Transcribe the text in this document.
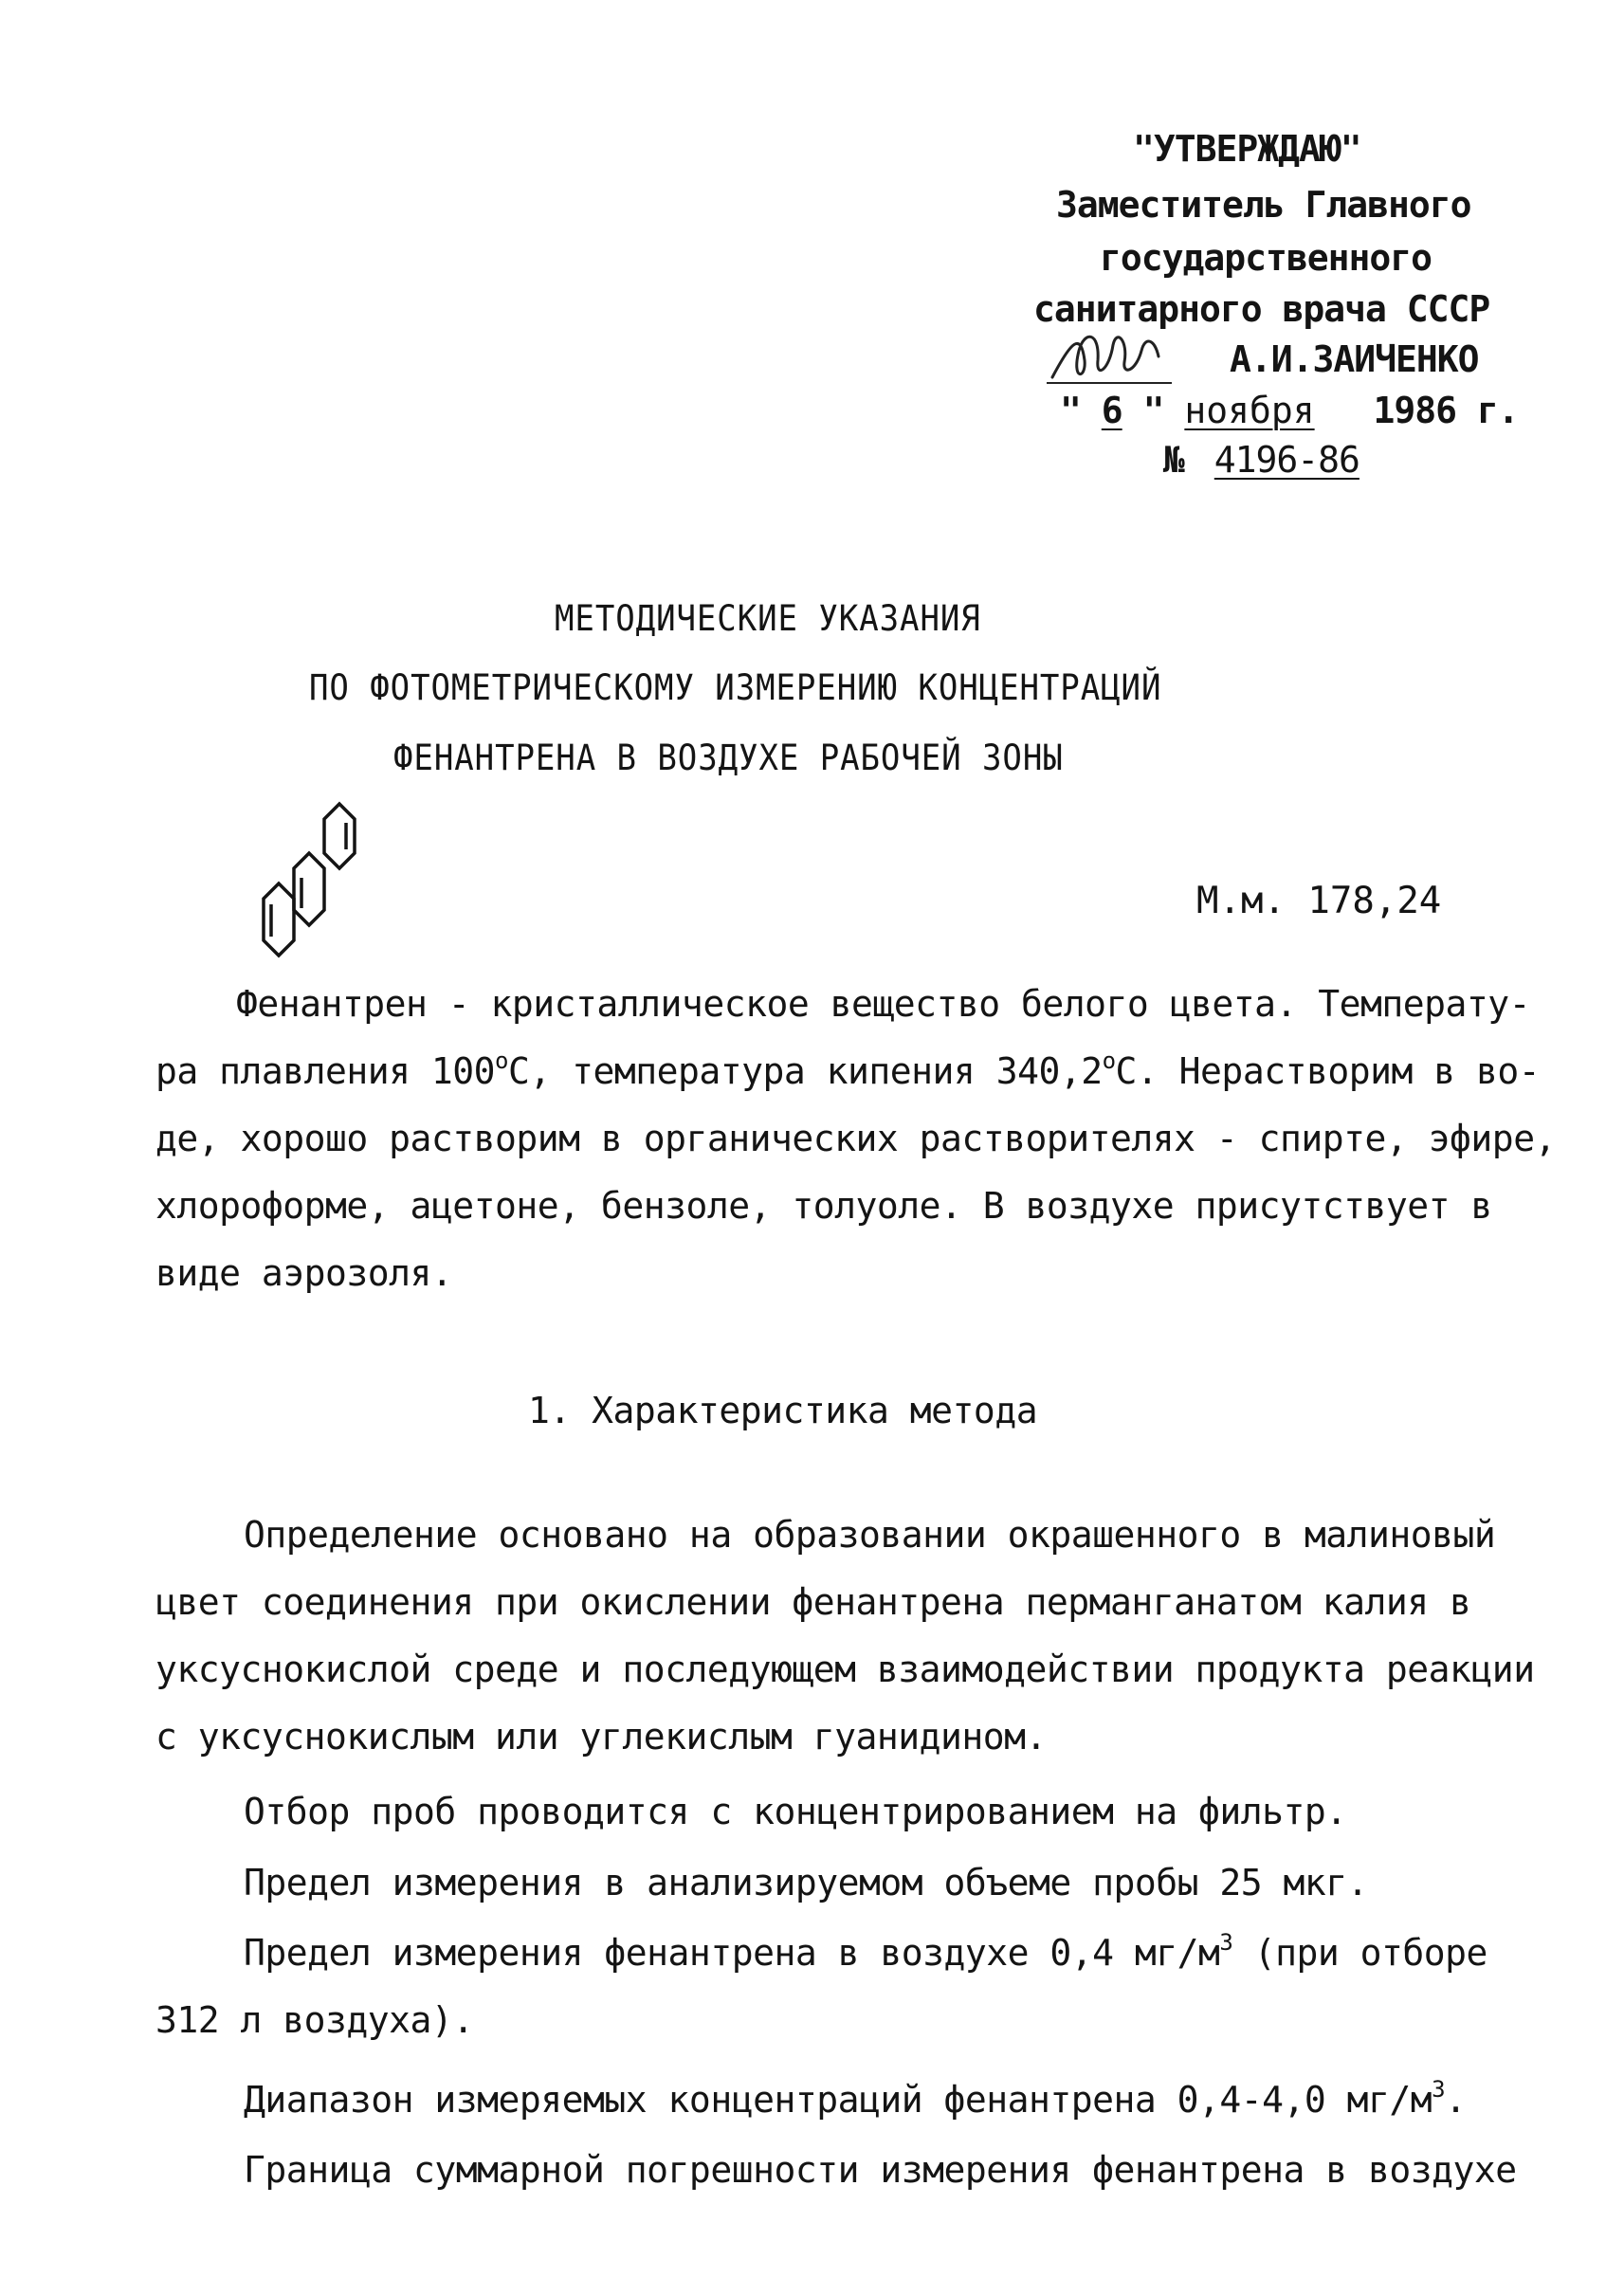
"УТВЕРЖДАЮ"
Заместитель Главного
государственного
санитарного врача СССР
А.И.ЗАИЧЕНКО
" 6 " ноября 1986 г.
№ 4196-86
МЕТОДИЧЕСКИЕ УКАЗАНИЯ
ПО ФОТОМЕТРИЧЕСКОМУ ИЗМЕРЕНИЮ КОНЦЕНТРАЦИЙ
ФЕНАНТРЕНА В ВОЗДУХЕ РАБОЧЕЙ ЗОНЫ
М.м. 178,24
Фенантрен - кристаллическое вещество белого цвета. Температу-
ра плавления $100^оС$, температура кипения $340,2^оС$. Нерастворим в во-
де, хорошо растворим в органических растворителях - спирте, эфире,
хлороформе, ацетоне, бензоле, толуоле. В воздухе присутствует в
виде аэрозоля.
1. Характеристика метода
Определение основано на образовании окрашенного в малиновый
цвет соединения при окислении фенантрена перманганатом калия в
уксуснокислой среде и последующем взаимодействии продукта реакции
с уксуснокислым или углекислым гуанидином.
Отбор проб проводится с концентрированием на фильтр.
Предел измерения в анализируемом объеме пробы 25 мкг.
Предел измерения фенантрена в воздухе 0,4 $мг/м^3$ (при отборе
312 л воздуха).
Диапазон измеряемых концентраций фенантрена 0,4-4,0 $мг/м^3$.
Граница суммарной погрешности измерения фенантрена в воздухе
